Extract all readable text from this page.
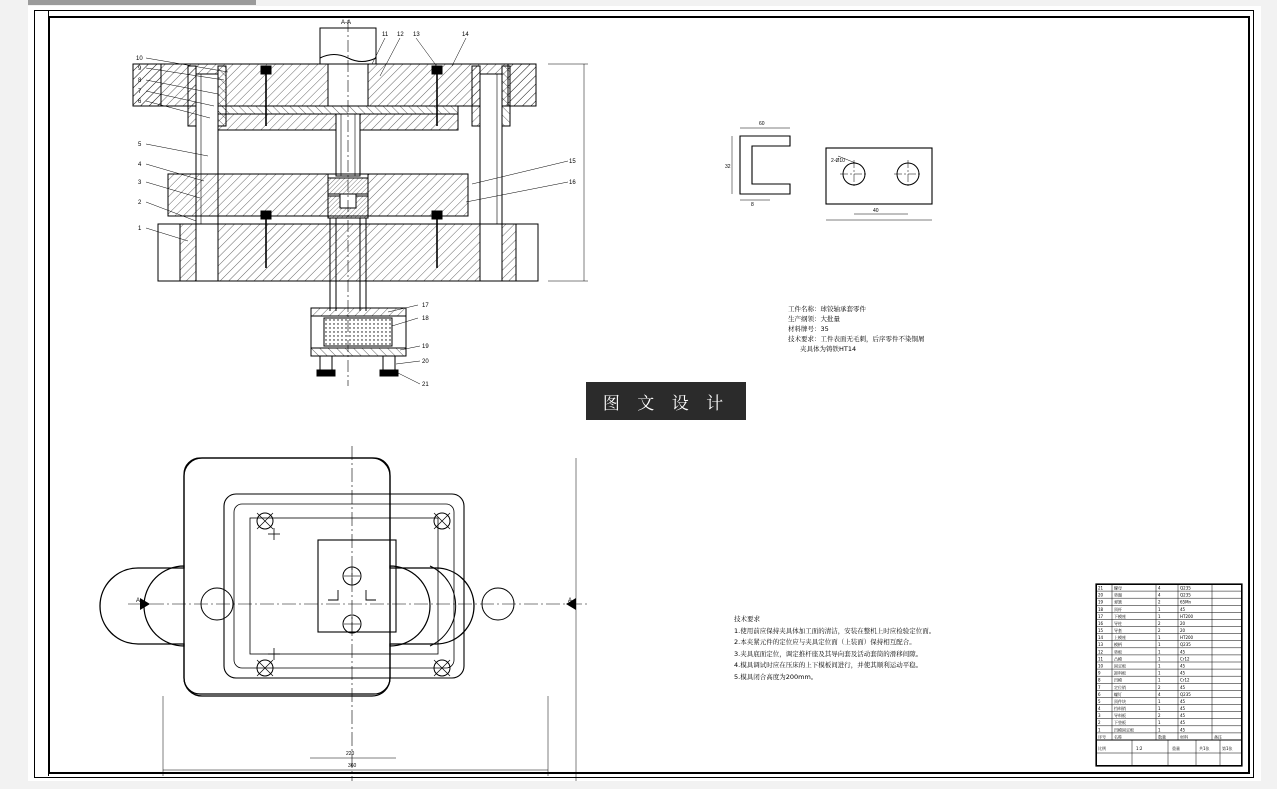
A-A
10
9
8
7
6
5
4
3
2
1
11 12 13	14
15
16
17
18
19
20
21
60
32
8
2-Ø10
40
220
360
A	A
工件名称：球铰轴承套零件
生产纲领：大批量
材料牌号：35
技术要求：工件表面无毛刺，后序零件不染铜屑
夹具体为铸铁HT14
技术要求
1.使用前应保持夹具体加工面的清洁，安装在整机上时应检验定位面。
2.本夹紧元件的定位应与夹具定位面（上装面）保持相互配合。
3.夹具底面定位，调定推杆座及其导向套及活动套筒的滑移间隙。
4.模具调试时应在压床的上下模板间进行，并使其顺利运动平稳。
5.模具闭合高度为200mm。
21	螺母	4	Q235
20	垫圈	4	Q235
19	弹簧	2	65Mn
18	顶杆	1	45
17	下模座	1	HT200
16	导柱	2	20
15	导套	2	20
14	上模座	1	HT200
13	模柄	1	Q235
12	垫板	1	45
11	凸模	1	Cr12
10	固定板	1	45
9	卸料板	1	45
8	凹模	1	Cr12
7	定位销	2	45
6	螺钉	4	Q235
5	顶件块	1	45
4	挡料销	1	45
3	导料板	2	45
2	下垫板	1	45
1	凹模固定板	1	45
序号 名称	数量	材料	备注
比例	1:2	重量	共1张	第1张
图 文 设 计
